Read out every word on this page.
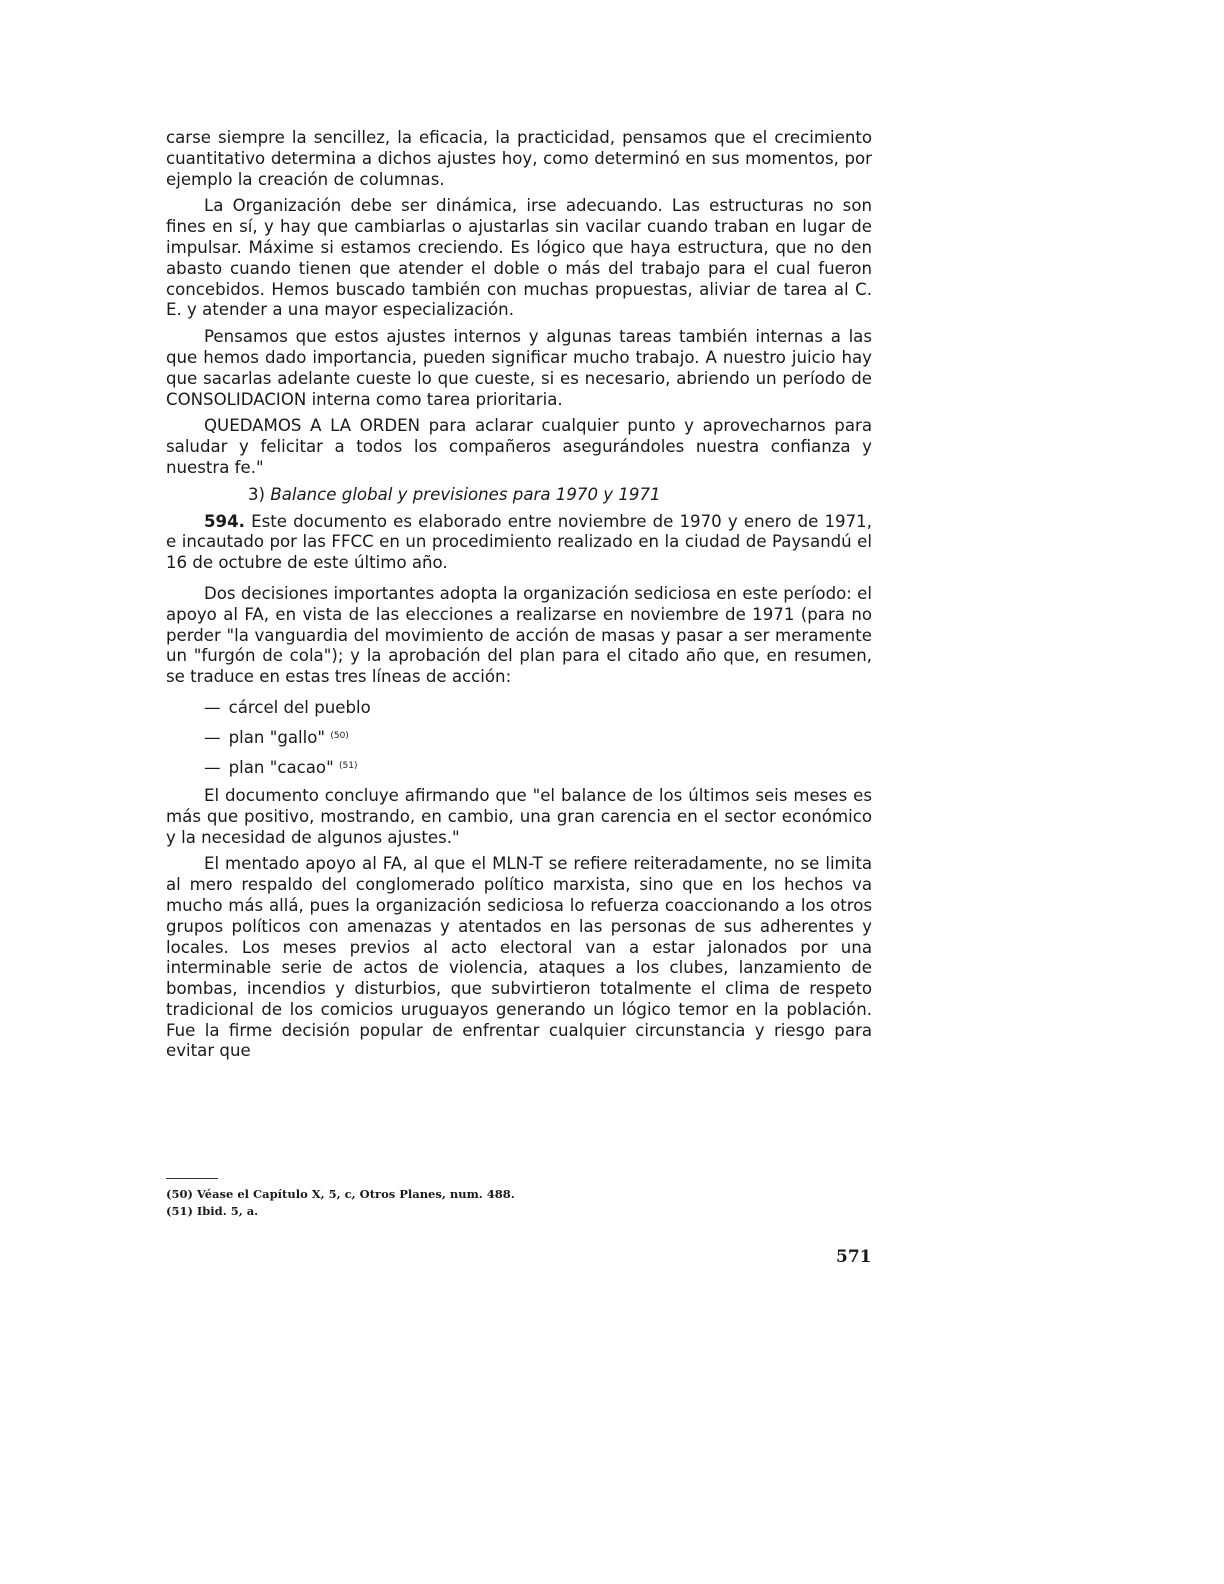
carse siempre la sencillez, la eficacia, la practicidad, pensamos que el crecimiento cuantitativo determina a dichos ajustes hoy, como determinó en sus momentos, por ejemplo la creación de columnas.

La Organización debe ser dinámica, irse adecuando. Las estructuras no son fines en sí, y hay que cambiarlas o ajustarlas sin vacilar cuando traban en lugar de impulsar. Máxime si estamos creciendo. Es lógico que haya estructura, que no den abasto cuando tienen que atender el doble o más del trabajo para el cual fueron concebidos. Hemos buscado también con muchas propuestas, aliviar de tarea al C. E. y atender a una mayor especialización.

Pensamos que estos ajustes internos y algunas tareas también internas a las que hemos dado importancia, pueden significar mucho trabajo. A nuestro juicio hay que sacarlas adelante cueste lo que cueste, si es necesario, abriendo un período de CONSOLIDACION interna como tarea prioritaria.

QUEDAMOS A LA ORDEN para aclarar cualquier punto y aprovecharnos para saludar y felicitar a todos los compañeros asegurándoles nuestra confianza y nuestra fe."

3) Balance global y previsiones para 1970 y 1971

594. Este documento es elaborado entre noviembre de 1970 y enero de 1971, e incautado por las FFCC en un procedimiento realizado en la ciudad de Paysandú el 16 de octubre de este último año.

Dos decisiones importantes adopta la organización sediciosa en este período: el apoyo al FA, en vista de las elecciones a realizarse en noviembre de 1971 (para no perder "la vanguardia del movimiento de acción de masas y pasar a ser meramente un "furgón de cola"); y la aprobación del plan para el citado año que, en resumen, se traduce en estas tres líneas de acción:

— cárcel del pueblo
— plan "gallo" $^{(50)}$
— plan "cacao" $^{(51)}$

El documento concluye afirmando que "el balance de los últimos seis meses es más que positivo, mostrando, en cambio, una gran carencia en el sector económico y la necesidad de algunos ajustes."

El mentado apoyo al FA, al que el MLN-T se refiere reiteradamente, no se limita al mero respaldo del conglomerado político marxista, sino que en los hechos va mucho más allá, pues la organización sediciosa lo refuerza coaccionando a los otros grupos políticos con amenazas y atentados en las personas de sus adherentes y locales. Los meses previos al acto electoral van a estar jalonados por una interminable serie de actos de violencia, ataques a los clubes, lanzamiento de bombas, incendios y disturbios, que subvirtieron totalmente el clima de respeto tradicional de los comicios uruguayos generando un lógico temor en la población. Fue la firme decisión popular de enfrentar cualquier circunstancia y riesgo para evitar que

(50) Véase el Capítulo X, 5, c, Otros Planes, num. 488.
(51) Ibid. 5, a.
571
